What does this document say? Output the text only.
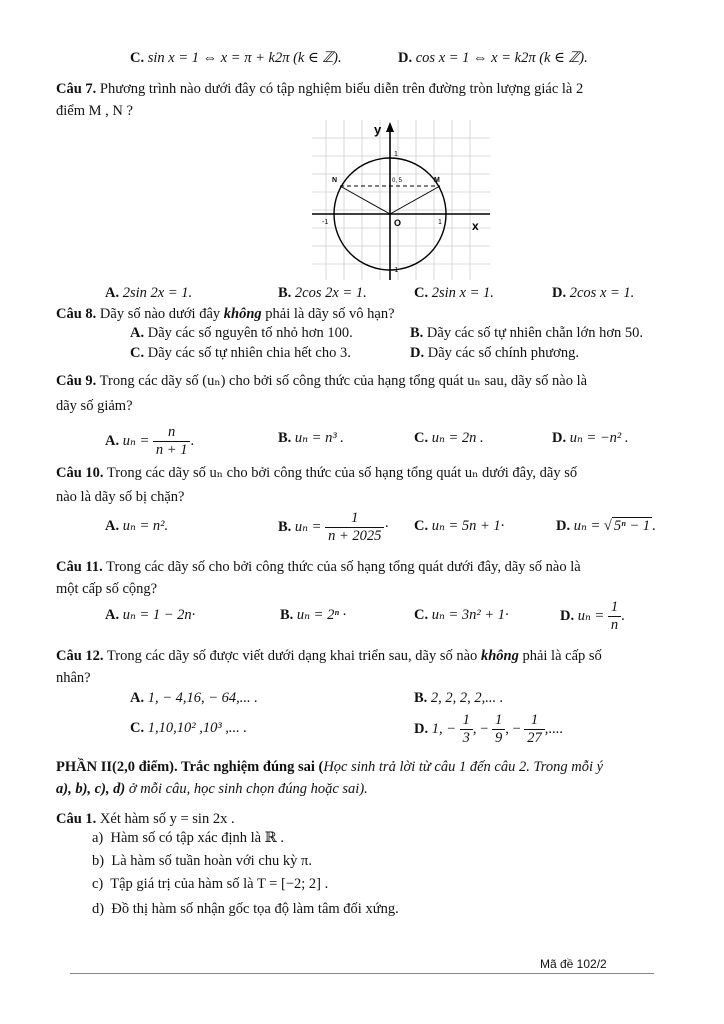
C. sin x = 1 ⇔ x = π + k2π (k ∈ ℤ).	D. cos x = 1 ⇔ x = k2π (k ∈ ℤ).
Câu 7. Phương trình nào dưới đây có tập nghiệm biểu diễn trên đường tròn lượng giác là 2
điểm M , N ?
y
x
O
1
-1
1
-1
N	M
0, 5
A. 2sin 2x = 1.	B. 2cos 2x = 1.	C. 2sin x = 1.	D. 2cos x = 1.
Câu 8. Dãy số nào dưới đây không phải là dãy số vô hạn?
A. Dãy các số nguyên tố nhỏ hơn 100.	B. Dãy các số tự nhiên chẵn lớn hơn 50.
C. Dãy các số tự nhiên chia hết cho 3.	D. Dãy các số chính phương.
Câu 9. Trong các dãy số (uₙ) cho bởi số công thức của hạng tổng quát uₙ sau, dãy số nào là
dãy số giảm?
A. $u_n = \frac{n}{n + 1}$ .	B. uₙ = n³ .	C. uₙ = 2n .	D. uₙ = −n² .
Câu 10. Trong các dãy số uₙ cho bởi công thức của số hạng tổng quát uₙ dưới đây, dãy số
nào là dãy số bị chặn?
A. uₙ = n².	B. $u_n = \frac{1}{n + 2025} \cdot C$. uₙ = 5n + 1·	D. uₙ = √ 5ⁿ − 1 .
Câu 11. Trong các dãy số cho bởi công thức của số hạng tổng quát dưới đây, dãy số nào là
một cấp số cộng?
A. uₙ = 1 − 2n·	B. uₙ = 2ⁿ ·	C. uₙ = 3n² + 1·	D. $u_n = \frac{1}{n}$ .
Câu 12. Trong các dãy số được viết dưới dạng khai triển sau, dãy số nào không phải là cấp số
nhân?
A. 1, − 4,16, − 64,... .	B. 2, 2, 2, 2,... .
C. 1,10,10² ,10³ ,... .	D. 1, − $\frac{1}{3}$ , − $\frac{1}{9}$ , − $\frac{1}{27}$ ,....
PHẦN II(2,0 điểm). Trắc nghiệm đúng sai (Học sinh trả lời từ câu 1 đến câu 2. Trong mỗi ý
a), b), c), d) ở mỗi câu, học sinh chọn đúng hoặc sai).
Câu 1. Xét hàm số y = sin 2x .
a) Hàm số có tập xác định là ℝ .
b) Là hàm số tuần hoàn với chu kỳ π.
c) Tập giá trị của hàm số là T = [−2; 2] .
d) Đồ thị hàm số nhận gốc tọa độ làm tâm đối xứng.
Mã đề 102/2
